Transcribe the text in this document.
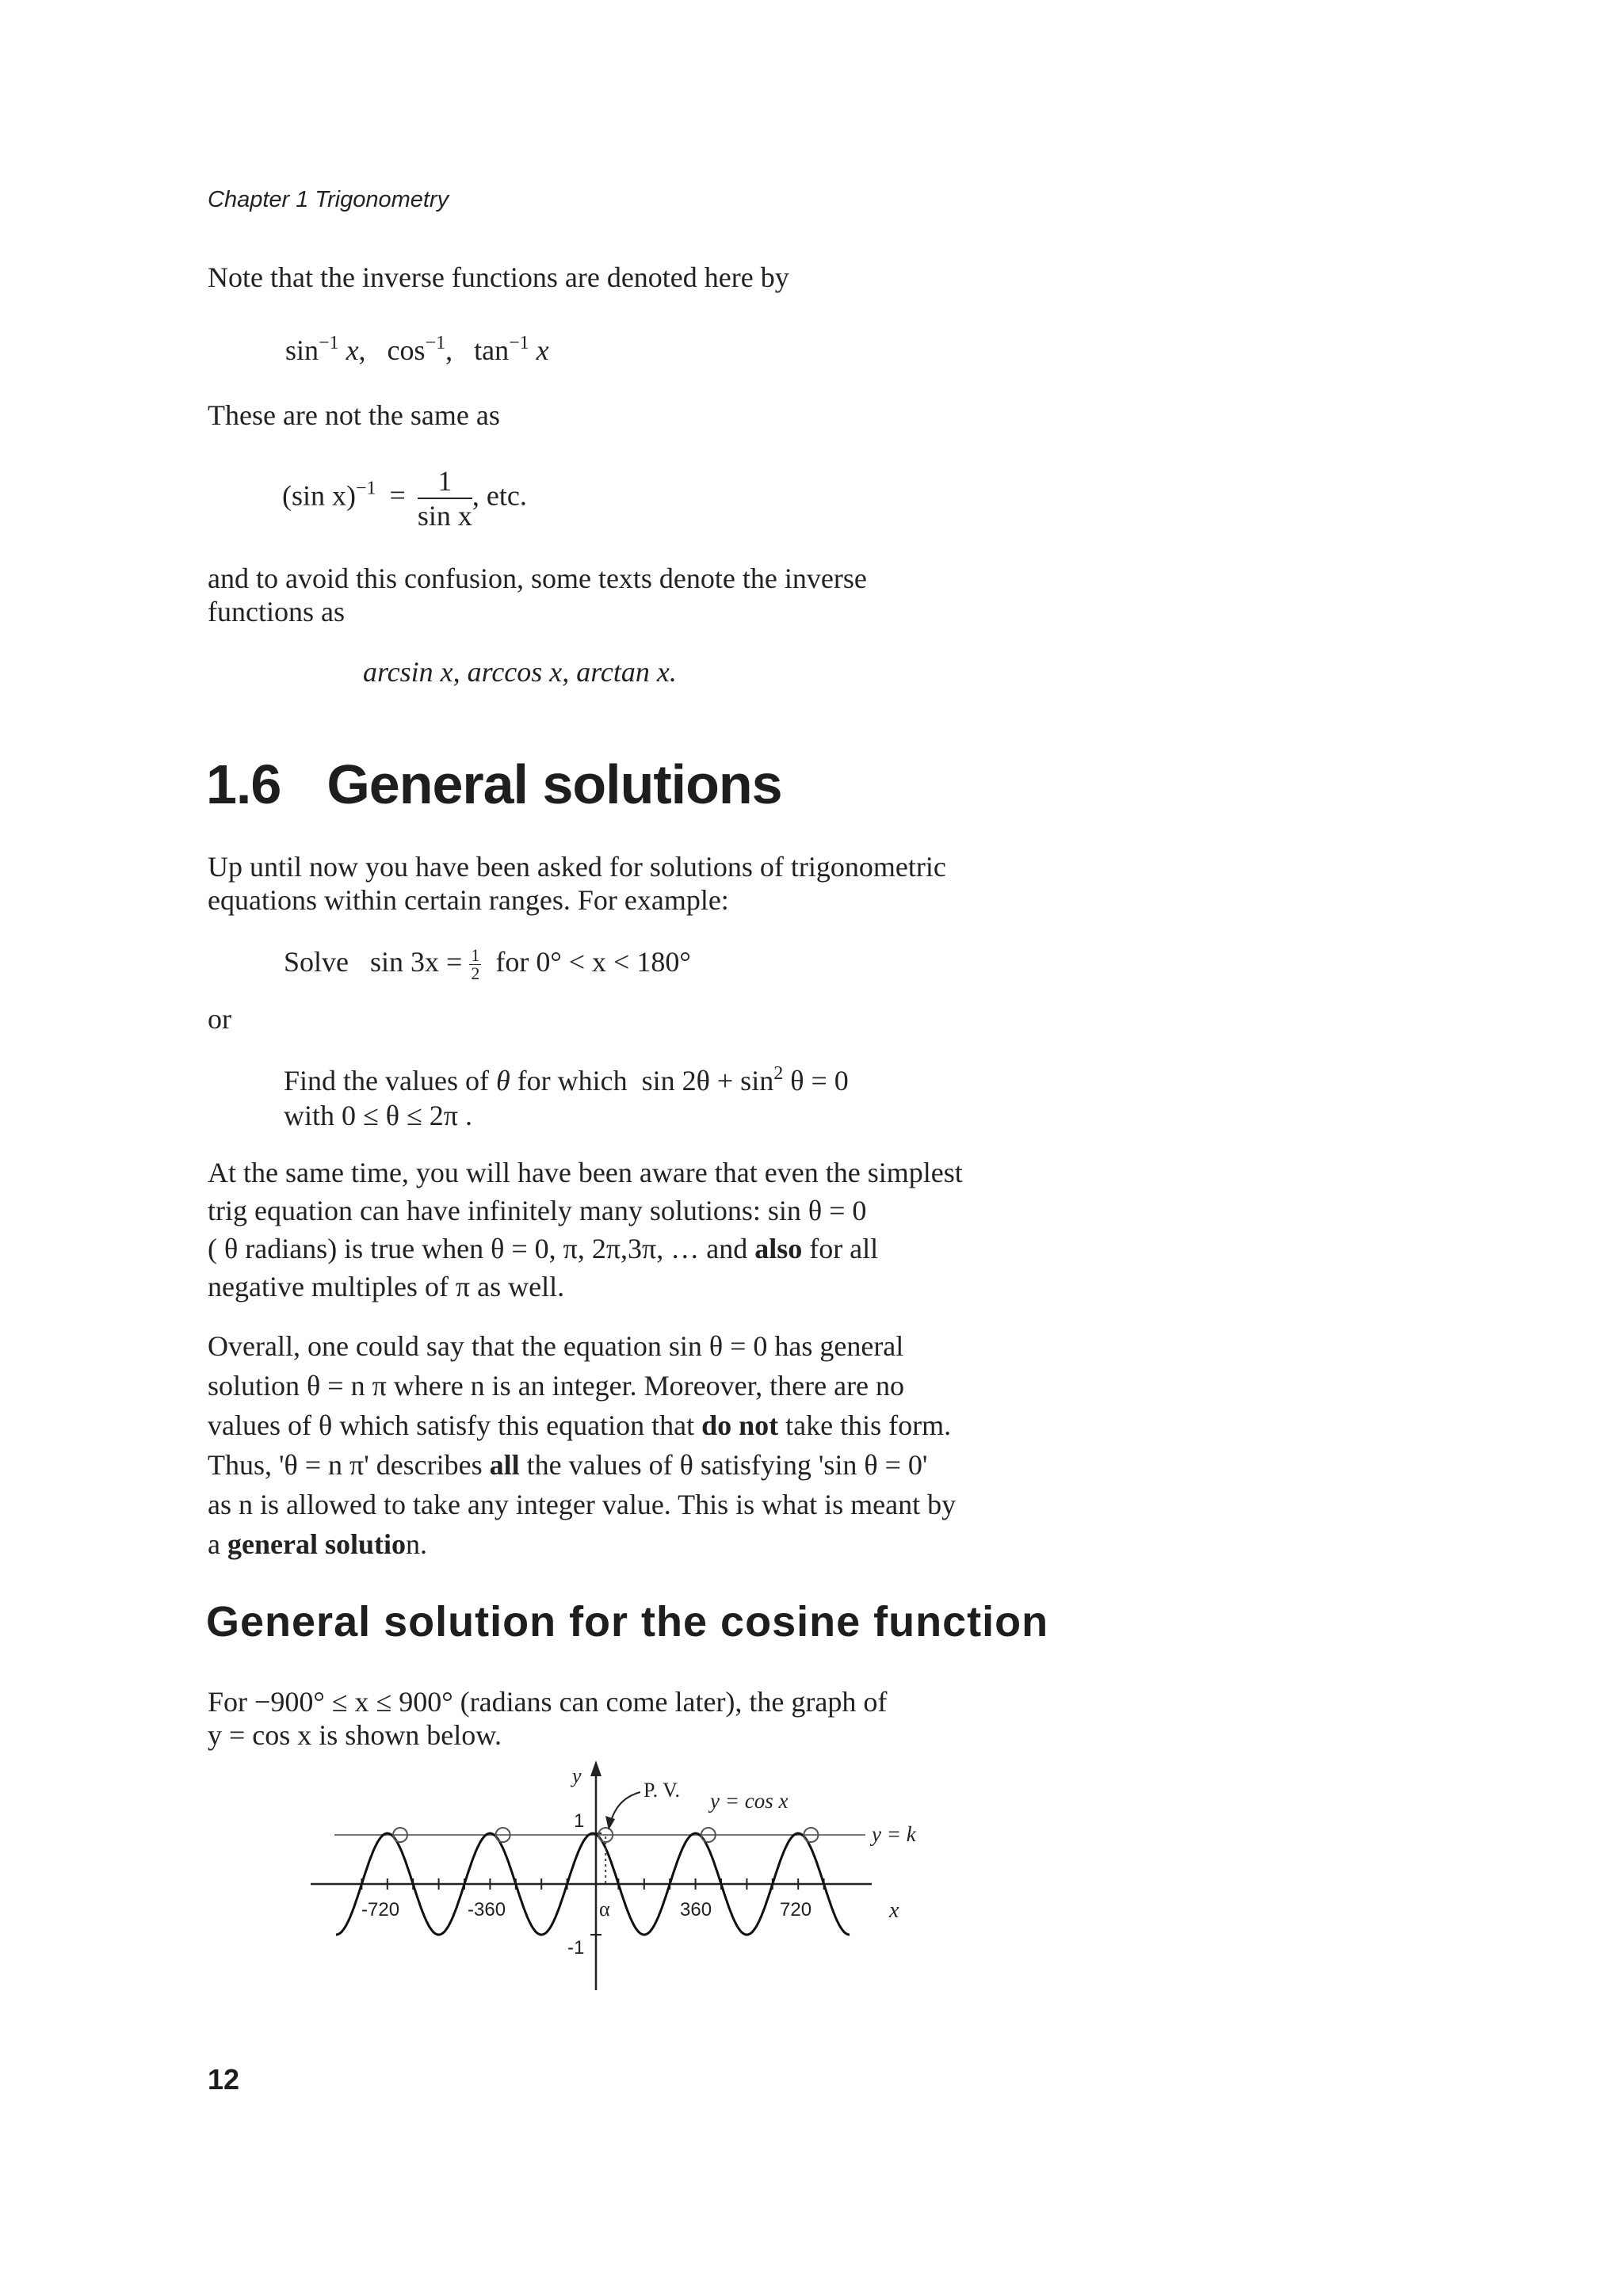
Chapter 1 Trigonometry
Note that the inverse functions are denoted here by
$\sin^{-1} x$, $\cos^{-1}$, $\tan^{-1} x$
These are not the same as
(sin $x)^{-1} = \frac{1}{\text{sin x}}$ , etc.
and to avoid this confusion, some texts denote the inverse
functions as
arcsin x, arccos x, arctan x.
1.6 General solutions
Up until now you have been asked for solutions of trigonometric
equations within certain ranges. For example:
Solve $\sin 3x = \frac{1}{2}$ for 0° < x < 180°
or
Find the values of θ for which $\sin 2\theta + \sin^2 \theta = 0$
with 0 ≤ θ ≤ 2π .
At the same time, you will have been aware that even the simplest
trig equation can have infinitely many solutions: sin θ = 0
( θ radians) is true when θ = 0, π, 2π,3π, … and also for all
negative multiples of π as well.
Overall, one could say that the equation sin θ = 0 has general
solution θ = n π where n is an integer. Moreover, there are no
values of θ which satisfy this equation that do not take this form.
Thus, 'θ = n π' describes all the values of θ satisfying 'sin θ = 0'
as n is allowed to take any integer value. This is what is meant by
a general solution.
General solution for the cosine function
For −900° ≤ x ≤ 900° (radians can come later), the graph of
y = cos x is shown below.
y
x
1
-1
-720	-360	α	360	720
P. V. y = cos x
y = k
12
